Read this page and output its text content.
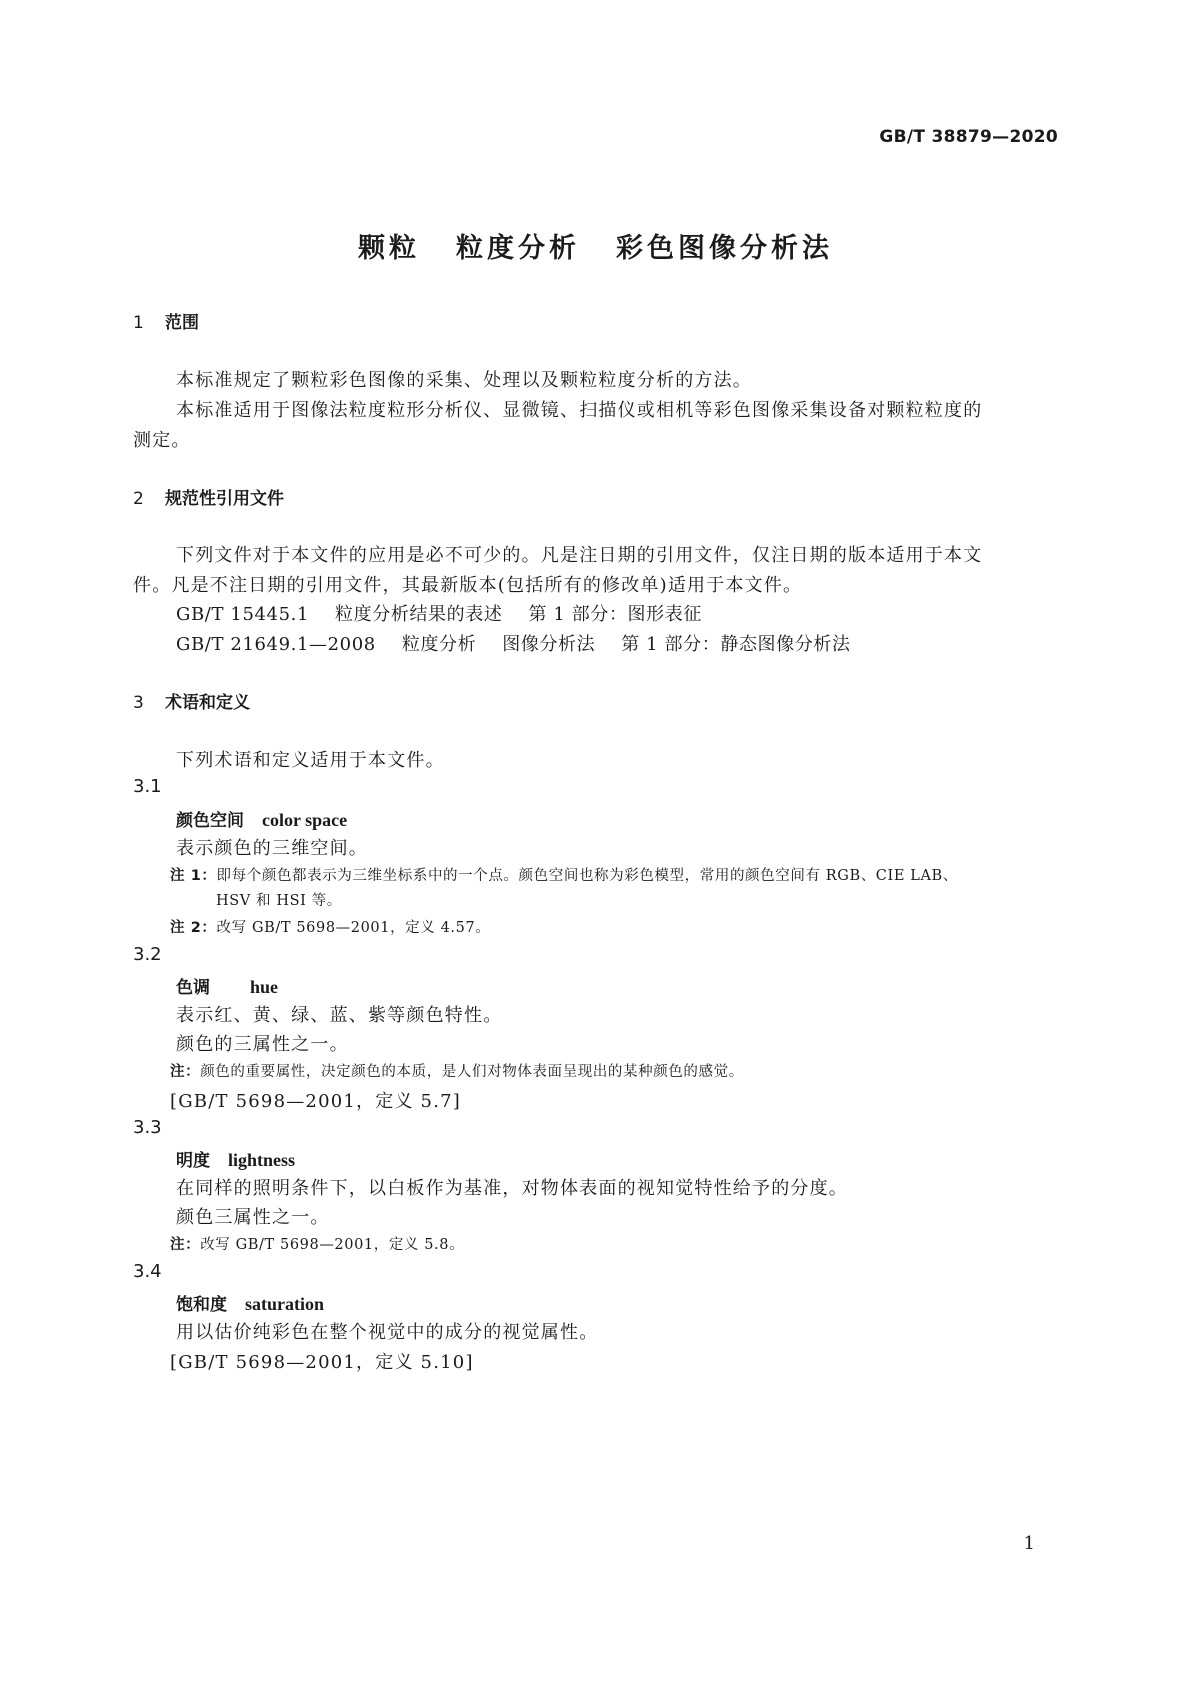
GB/T 38879—2020
颗粒 粒度分析 彩色图像分析法
1 范围
本标准规定了颗粒彩色图像的采集、处理以及颗粒粒度分析的方法。
本标准适用于图像法粒度粒形分析仪、显微镜、扫描仪或相机等彩色图像采集设备对颗粒粒度的
测定。
2 规范性引用文件
下列文件对于本文件的应用是必不可少的。凡是注日期的引用文件，仅注日期的版本适用于本文
件。凡是不注日期的引用文件，其最新版本(包括所有的修改单)适用于本文件。
GB/T 15445.1 粒度分析结果的表述 第 1 部分：图形表征
GB/T 21649.1—2008 粒度分析 图像分析法 第 1 部分：静态图像分析法
3 术语和定义
下列术语和定义适用于本文件。
3.1
颜色空间 color space
表示颜色的三维空间。
注 1：即每个颜色都表示为三维坐标系中的一个点。颜色空间也称为彩色模型，常用的颜色空间有 RGB、CIE LAB、
HSV 和 HSI 等。
注 2：改写 GB/T 5698—2001，定义 4.57。
3.2
色调 hue
表示红、黄、绿、蓝、紫等颜色特性。
颜色的三属性之一。
注：颜色的重要属性，决定颜色的本质，是人们对物体表面呈现出的某种颜色的感觉。
[GB/T 5698—2001，定义 5.7]
3.3
明度 lightness
在同样的照明条件下，以白板作为基准，对物体表面的视知觉特性给予的分度。
颜色三属性之一。
注：改写 GB/T 5698—2001，定义 5.8。
3.4
饱和度 saturation
用以估价纯彩色在整个视觉中的成分的视觉属性。
[GB/T 5698—2001，定义 5.10]
1
